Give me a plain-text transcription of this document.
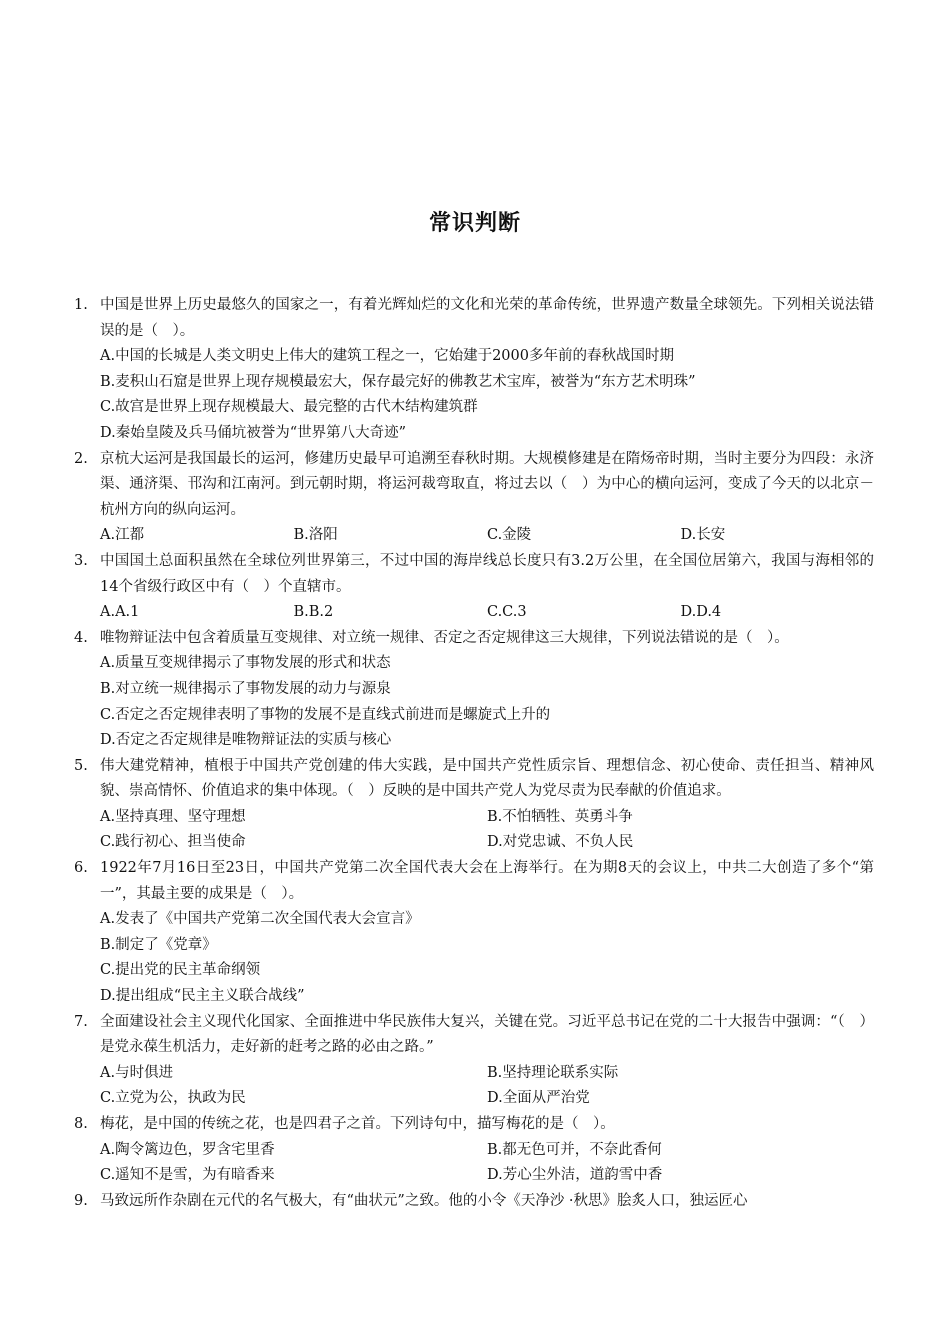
常识判断
1. 中国是世界上历史最悠久的国家之一，有着光辉灿烂的文化和光荣的革命传统，世界遗产数量全球领先。下列相关说法错误的是（　）。
A.中国的长城是人类文明史上伟大的建筑工程之一，它始建于2000多年前的春秋战国时期
B.麦积山石窟是世界上现存规模最宏大，保存最完好的佛教艺术宝库，被誉为“东方艺术明珠”
C.故宫是世界上现存规模最大、最完整的古代木结构建筑群
D.秦始皇陵及兵马俑坑被誉为“世界第八大奇迹”
2. 京杭大运河是我国最长的运河，修建历史最早可追溯至春秋时期。大规模修建是在隋炀帝时期，当时主要分为四段：永济渠、通济渠、邗沟和江南河。到元朝时期，将运河裁弯取直，将过去以（　）为中心的横向运河，变成了今天的以北京－杭州方向的纵向运河。
A.江都	B.洛阳	C.金陵	D.长安
3. 中国国土总面积虽然在全球位列世界第三，不过中国的海岸线总长度只有3.2万公里，在全国位居第六，我国与海相邻的14个省级行政区中有（　）个直辖市。
A.A.1	B.B.2	C.C.3	D.D.4
4. 唯物辩证法中包含着质量互变规律、对立统一规律、否定之否定规律这三大规律，下列说法错说的是（　）。
A.质量互变规律揭示了事物发展的形式和状态
B.对立统一规律揭示了事物发展的动力与源泉
C.否定之否定规律表明了事物的发展不是直线式前进而是螺旋式上升的
D.否定之否定规律是唯物辩证法的实质与核心
5. 伟大建党精神，植根于中国共产党创建的伟大实践，是中国共产党性质宗旨、理想信念、初心使命、责任担当、精神风貌、崇高情怀、价值追求的集中体现。（　）反映的是中国共产党人为党尽责为民奉献的价值追求。
A.坚持真理、坚守理想	B.不怕牺牲、英勇斗争
C.践行初心、担当使命	D.对党忠诚、不负人民
6. 1922年7月16日至23日，中国共产党第二次全国代表大会在上海举行。在为期8天的会议上，中共二大创造了多个“第一”，其最主要的成果是（　）。
A.发表了《中国共产党第二次全国代表大会宣言》
B.制定了《党章》
C.提出党的民主革命纲领
D.提出组成“民主主义联合战线”
7. 全面建设社会主义现代化国家、全面推进中华民族伟大复兴，关键在党。习近平总书记在党的二十大报告中强调：“（　）是党永葆生机活力，走好新的赶考之路的必由之路。”
A.与时俱进	B.坚持理论联系实际
C.立党为公，执政为民	D.全面从严治党
8. 梅花，是中国的传统之花，也是四君子之首。下列诗句中，描写梅花的是（　）。
A.陶令篱边色，罗含宅里香	B.都无色可并，不奈此香何
C.遥知不是雪，为有暗香来	D.芳心尘外洁，道韵雪中香
9. 马致远所作杂剧在元代的名气极大，有“曲状元”之致。他的小令《天净沙 ·秋思》脍炙人口，独运匠心
